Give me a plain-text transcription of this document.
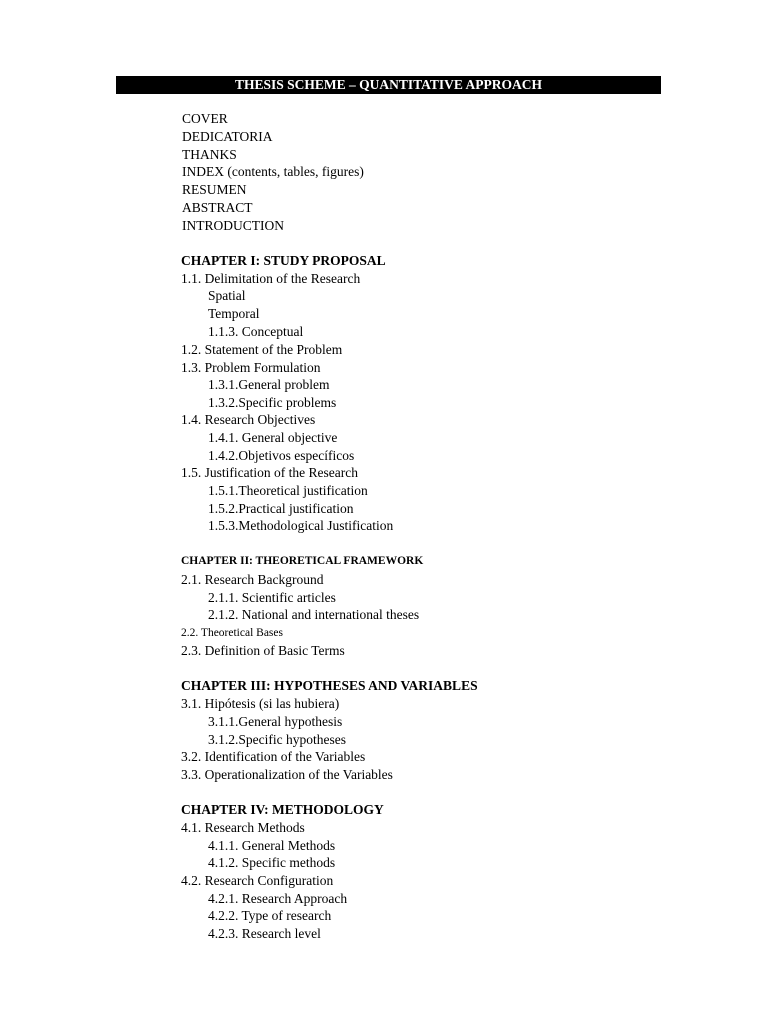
THESIS SCHEME – QUANTITATIVE APPROACH
COVER
DEDICATORIA
THANKS
INDEX (contents, tables, figures)
RESUMEN
ABSTRACT
INTRODUCTION
CHAPTER I: STUDY PROPOSAL
1.1. Delimitation of the Research
Spatial
Temporal
1.1.3. Conceptual
1.2. Statement of the Problem
1.3. Problem Formulation
1.3.1.General problem
1.3.2.Specific problems
1.4. Research Objectives
1.4.1. General objective
1.4.2.Objetivos específicos
1.5. Justification of the Research
1.5.1.Theoretical justification
1.5.2.Practical justification
1.5.3.Methodological Justification
CHAPTER II: THEORETICAL FRAMEWORK
2.1. Research Background
2.1.1. Scientific articles
2.1.2. National and international theses
2.2. Theoretical Bases
2.3. Definition of Basic Terms
CHAPTER III: HYPOTHESES AND VARIABLES
3.1. Hipótesis (si las hubiera)
3.1.1.General hypothesis
3.1.2.Specific hypotheses
3.2. Identification of the Variables
3.3. Operationalization of the Variables
CHAPTER IV: METHODOLOGY
4.1. Research Methods
4.1.1. General Methods
4.1.2. Specific methods
4.2. Research Configuration
4.2.1. Research Approach
4.2.2. Type of research
4.2.3. Research level
